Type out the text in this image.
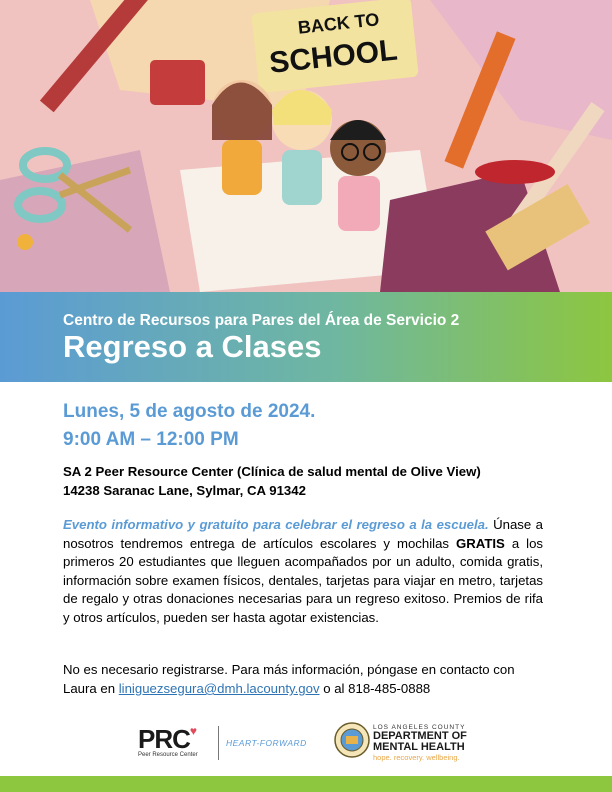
BACK TO
SCHOOL
Centro de Recursos para Pares del Área de Servicio 2
Regreso a Clases
Lunes, 5 de agosto de 2024.
9:00 AM – 12:00 PM
SA 2 Peer Resource Center (Clínica de salud mental de Olive View)
14238 Saranac Lane, Sylmar, CA 91342
Evento informativo y gratuito para celebrar el regreso a la escuela. Únase a nosotros tendremos entrega de artículos escolares y mochilas GRATIS a los primeros 20 estudiantes que lleguen acompañados por un adulto, comida gratis, información sobre examen físicos, dentales, tarjetas para viajar en metro, tarjetas de regalo y otras donaciones necesarias para un regreso exitoso. Premios de rifa y otros artículos, pueden ser hasta agotar existencias.
No es necesario registrarse. Para más información, póngase en contacto con
Laura en liniguezsegura@dmh.lacounty.gov o al 818-485-0888
PRC♥
Peer Resource Center
HEART-FORWARD
LOS ANGELES COUNTY
DEPARTMENT OF
MENTAL HEALTH
hope. recovery. wellbeing.
